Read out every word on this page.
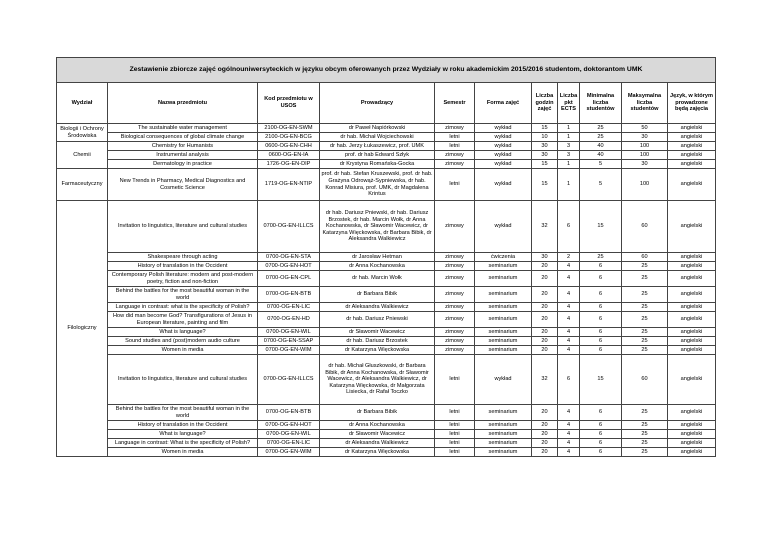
Zestawienie zbiorcze zajęć ogólnouniwersyteckich w języku obcym oferowanych przez Wydziały w roku akademickim 2015/2016 studentom, doktorantom UMK										
Wydział	Nazwa przedmiotu	Kod przedmiotu w USOS	Prowadzący	Semestr	Forma zajęć	Liczba godzin zajęć	Liczba pkt ECTS	Minimalna liczba studentów	Maksymalna liczba studentów	Język, w którym prowadzone będą zajęcia
Biologii i Ochrony Środowiska	The sustainable water management	2100-OG-EN-SWM	dr Paweł Napiórkowski	zimowy	wykład	15	1	25	50	angielski
	Biological consequences of global climate change	2100-OG-EN-BCG	dr hab. Michał Wojciechowski	letni	wykład	10	1	25	30	angielski
Chemii	Chemistry for Humanists	0600-OG-EN-CHH	dr hab. Jerzy Łukaszewicz, prof. UMK	letni	wykład	30	3	40	100	angielski
	Instrumental analysis	0600-OG-EN-IA	prof. dr hab Edward Szłyk	zimowy	wykład	30	3	40	100	angielski
	Dermatology in practice	1726-OG-EN-DIP	dr Krystyna Romańska-Gocka	zimowy	wykład	15	1	5	30	angielski
Farmaceutyczny	New Trends in Pharmacy, Medical Diagnostics and Cosmetic Science	1719-OG-EN-NTIP	prof. dr hab. Stefan Kruszewski, prof. dr hab. Grażyna Odrowąż-Sypniewska, dr hab. Konrad Misiura, prof. UMK, dr Magdalena Krintus	letni	wykład	15	1	5	100	angielski
Filologiczny	Invitation to linguistics, literature and cultural studies	0700-OG-EN-ILLCS	dr hab. Dariusz Pniewski, dr hab. Dariusz Brzostek, dr hab. Marcin Wołk, dr Anna Kochanowska, dr Sławomir Wacewicz, dr Katarzyna Więckowska, dr Barbara Bibik, dr Aleksandra Walkiewicz	zimowy	wykład	32	6	15	60	angielski
	Shakespeare through acting	0700-OG-EN-STA	dr Jarosław Hetman	zimowy	ćwiczenia	30	2	25	60	angielski
	History of translation in the Occident	0700-OG-EN-HOT	dr Anna Kochanowska	zimowy	seminarium	20	4	6	25	angielski
	Contemporary Polish literature: modern and post-modern poetry, fiction and non-fiction	0700-OG-EN-CPL	dr hab. Marcin Wołk	zimowy	seminarium	20	4	6	25	angielski
	Behind the battles for the most beautiful woman in the world	0700-OG-EN-BTB	dr Barbara Bibik	zimowy	seminarium	20	4	6	25	angielski
	Language in contrast: what is the specificity of Polish?	0700-OG-EN-LIC	dr Aleksandra Walkiewicz	zimowy	seminarium	20	4	6	25	angielski
	How did man become God? Transfigurations of Jesus in European literature, painting and film	0700-OG-EN-HD	dr hab. Dariusz Pniewski	zimowy	seminarium	20	4	6	25	angielski
	What is language?	0700-OG-EN-WIL	dr Sławomir Wacewicz	zimowy	seminarium	20	4	6	25	angielski
	Sound studies and (post)modern audio culture	0700-OG-EN-SSAP	dr hab. Dariusz Brzostek	zimowy	seminarium	20	4	6	25	angielski
	Women in media	0700-OG-EN-WIM	dr Katarzyna Więckowska	zimowy	seminarium	20	4	6	25	angielski
	Invitation to linguistics, literature and cultural studies	0700-OG-EN-ILLCS	dr hab. Michał Głuszkowski, dr Barbara Bibik, dr Anna Kochanowska, dr Sławomir Wacewicz, dr Aleksandra Walkiewicz, dr Katarzyna Więckowska, dr Małgorzata Lisiecka, dr Rafał Toczko	letni	wykład	32	6	15	60	angielski
	Behind the battles for the most beautiful woman in the world	0700-OG-EN-BTB	dr Barbara Bibik	letni	seminarium	20	4	6	25	angielski
	History of translation in the Occident	0700-OG-EN-HOT	dr Anna Kochanowska	letni	seminarium	20	4	6	25	angielski
	What is language?	0700-OG-EN-WIL	dr Sławomir Wacewicz	letni	seminarium	20	4	6	25	angielski
	Language in contrast: What is the specificity of Polish?	0700-OG-EN-LIC	dr Aleksandra Walkiewicz	letni	seminarium	20	4	6	25	angielski
	Women in media	0700-OG-EN-WIM	dr Katarzyna Więckowska	letni	seminarium	20	4	6	25	angielski
